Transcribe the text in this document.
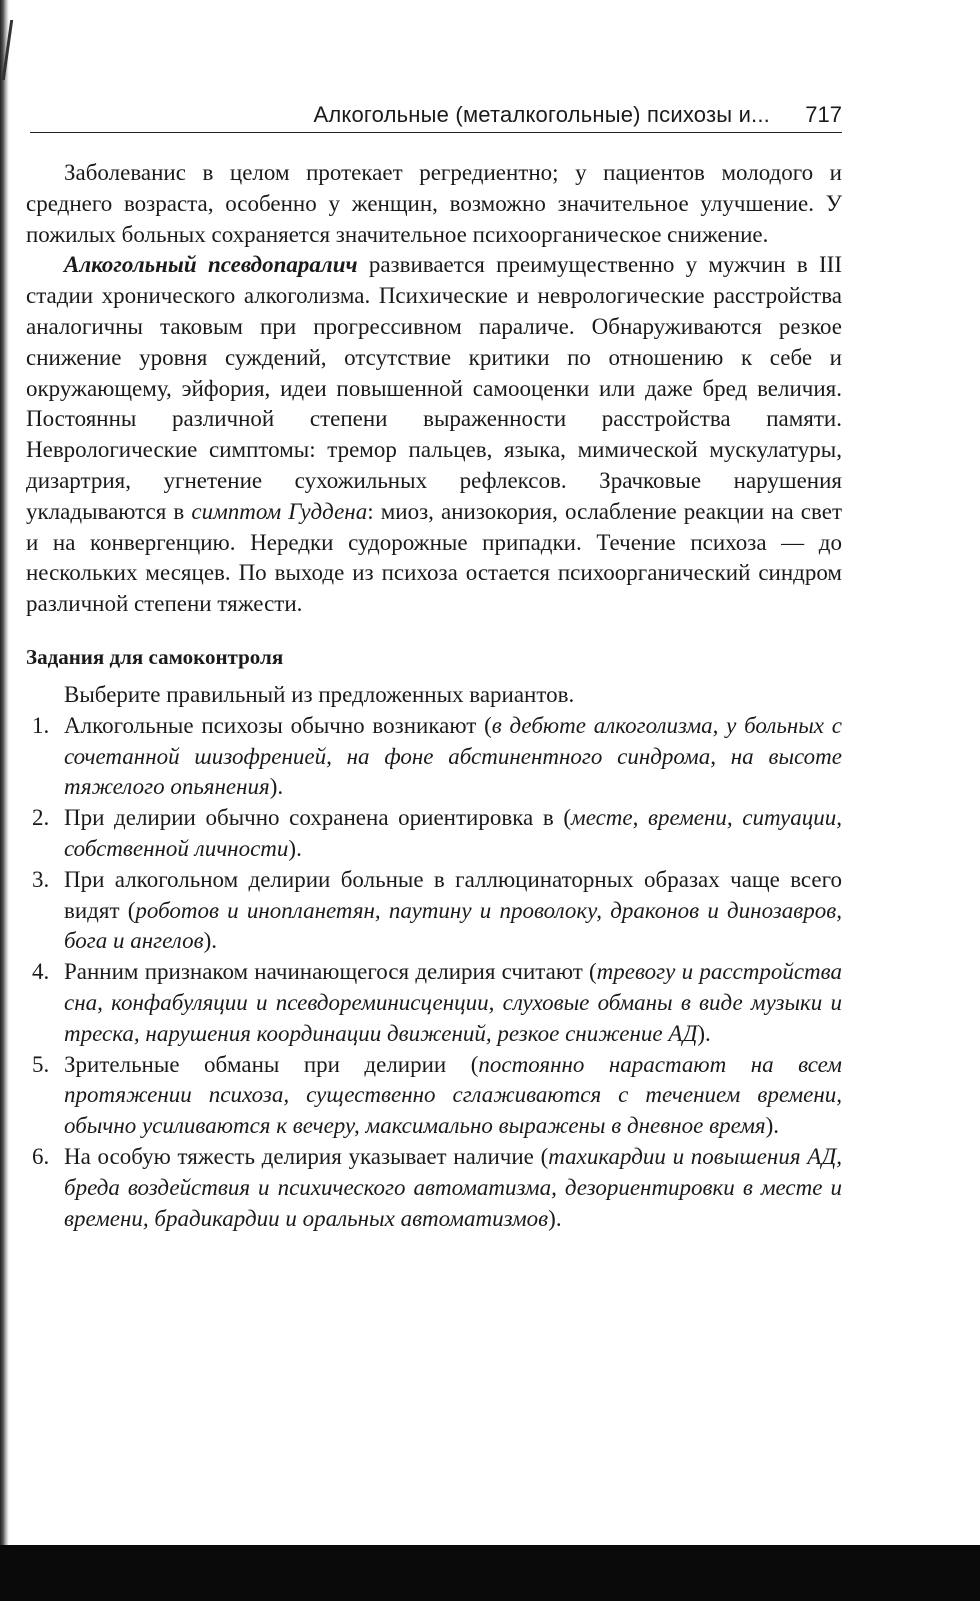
Алкогольные (металкогольные) психозы и... 717

Заболеванис в целом протекает регредиентно; у пациентов молодого и среднего возраста, особенно у женщин, возможно значительное улучшение. У пожилых больных сохраняется значительное психоорганическое снижение.

Алкогольный псевдопаралич развивается преимущественно у мужчин в III стадии хронического алкоголизма. Психические и неврологические расстройства аналогичны таковым при прогрессивном параличе. Обнаруживаются резкое снижение уровня суждений, отсутствие критики по отношению к себе и окружающему, эйфория, идеи повышенной самооценки или даже бред величия. Постоянны различной степени выраженности расстройства памяти. Неврологические симптомы: тремор пальцев, языка, мимической мускулатуры, дизартрия, угнетение сухожильных рефлексов. Зрачковые нарушения укладываются в симптом Гуддена: миоз, анизокория, ослабление реакции на свет и на конвергенцию. Нередки судорожные припадки. Течение психоза — до нескольких месяцев. По выходе из психоза остается психоорганический синдром различной степени тяжести.

Задания для самоконтроля

Выберите правильный из предложенных вариантов.

1. Алкогольные психозы обычно возникают (в дебюте алкоголизма, у больных с сочетанной шизофренией, на фоне абстинентного синдрома, на высоте тяжелого опьянения).
2. При делирии обычно сохранена ориентировка в (месте, времени, ситуации, собственной личности).
3. При алкогольном делирии больные в галлюцинаторных образах чаще всего видят (роботов и инопланетян, паутину и проволоку, драконов и динозавров, бога и ангелов).
4. Ранним признаком начинающегося делирия считают (тревогу и расстройства сна, конфабуляции и псевдореминисценции, слуховые обманы в виде музыки и треска, нарушения координации движений, резкое снижение АД).
5. Зрительные обманы при делирии (постоянно нарастают на всем протяжении психоза, существенно сглаживаются с течением времени, обычно усиливаются к вечеру, максимально выражены в дневное время).
6. На особую тяжесть делирия указывает наличие (тахикардии и повышения АД, бреда воздействия и психического автоматизма, дезориентировки в месте и времени, брадикардии и оральных автоматизмов).
